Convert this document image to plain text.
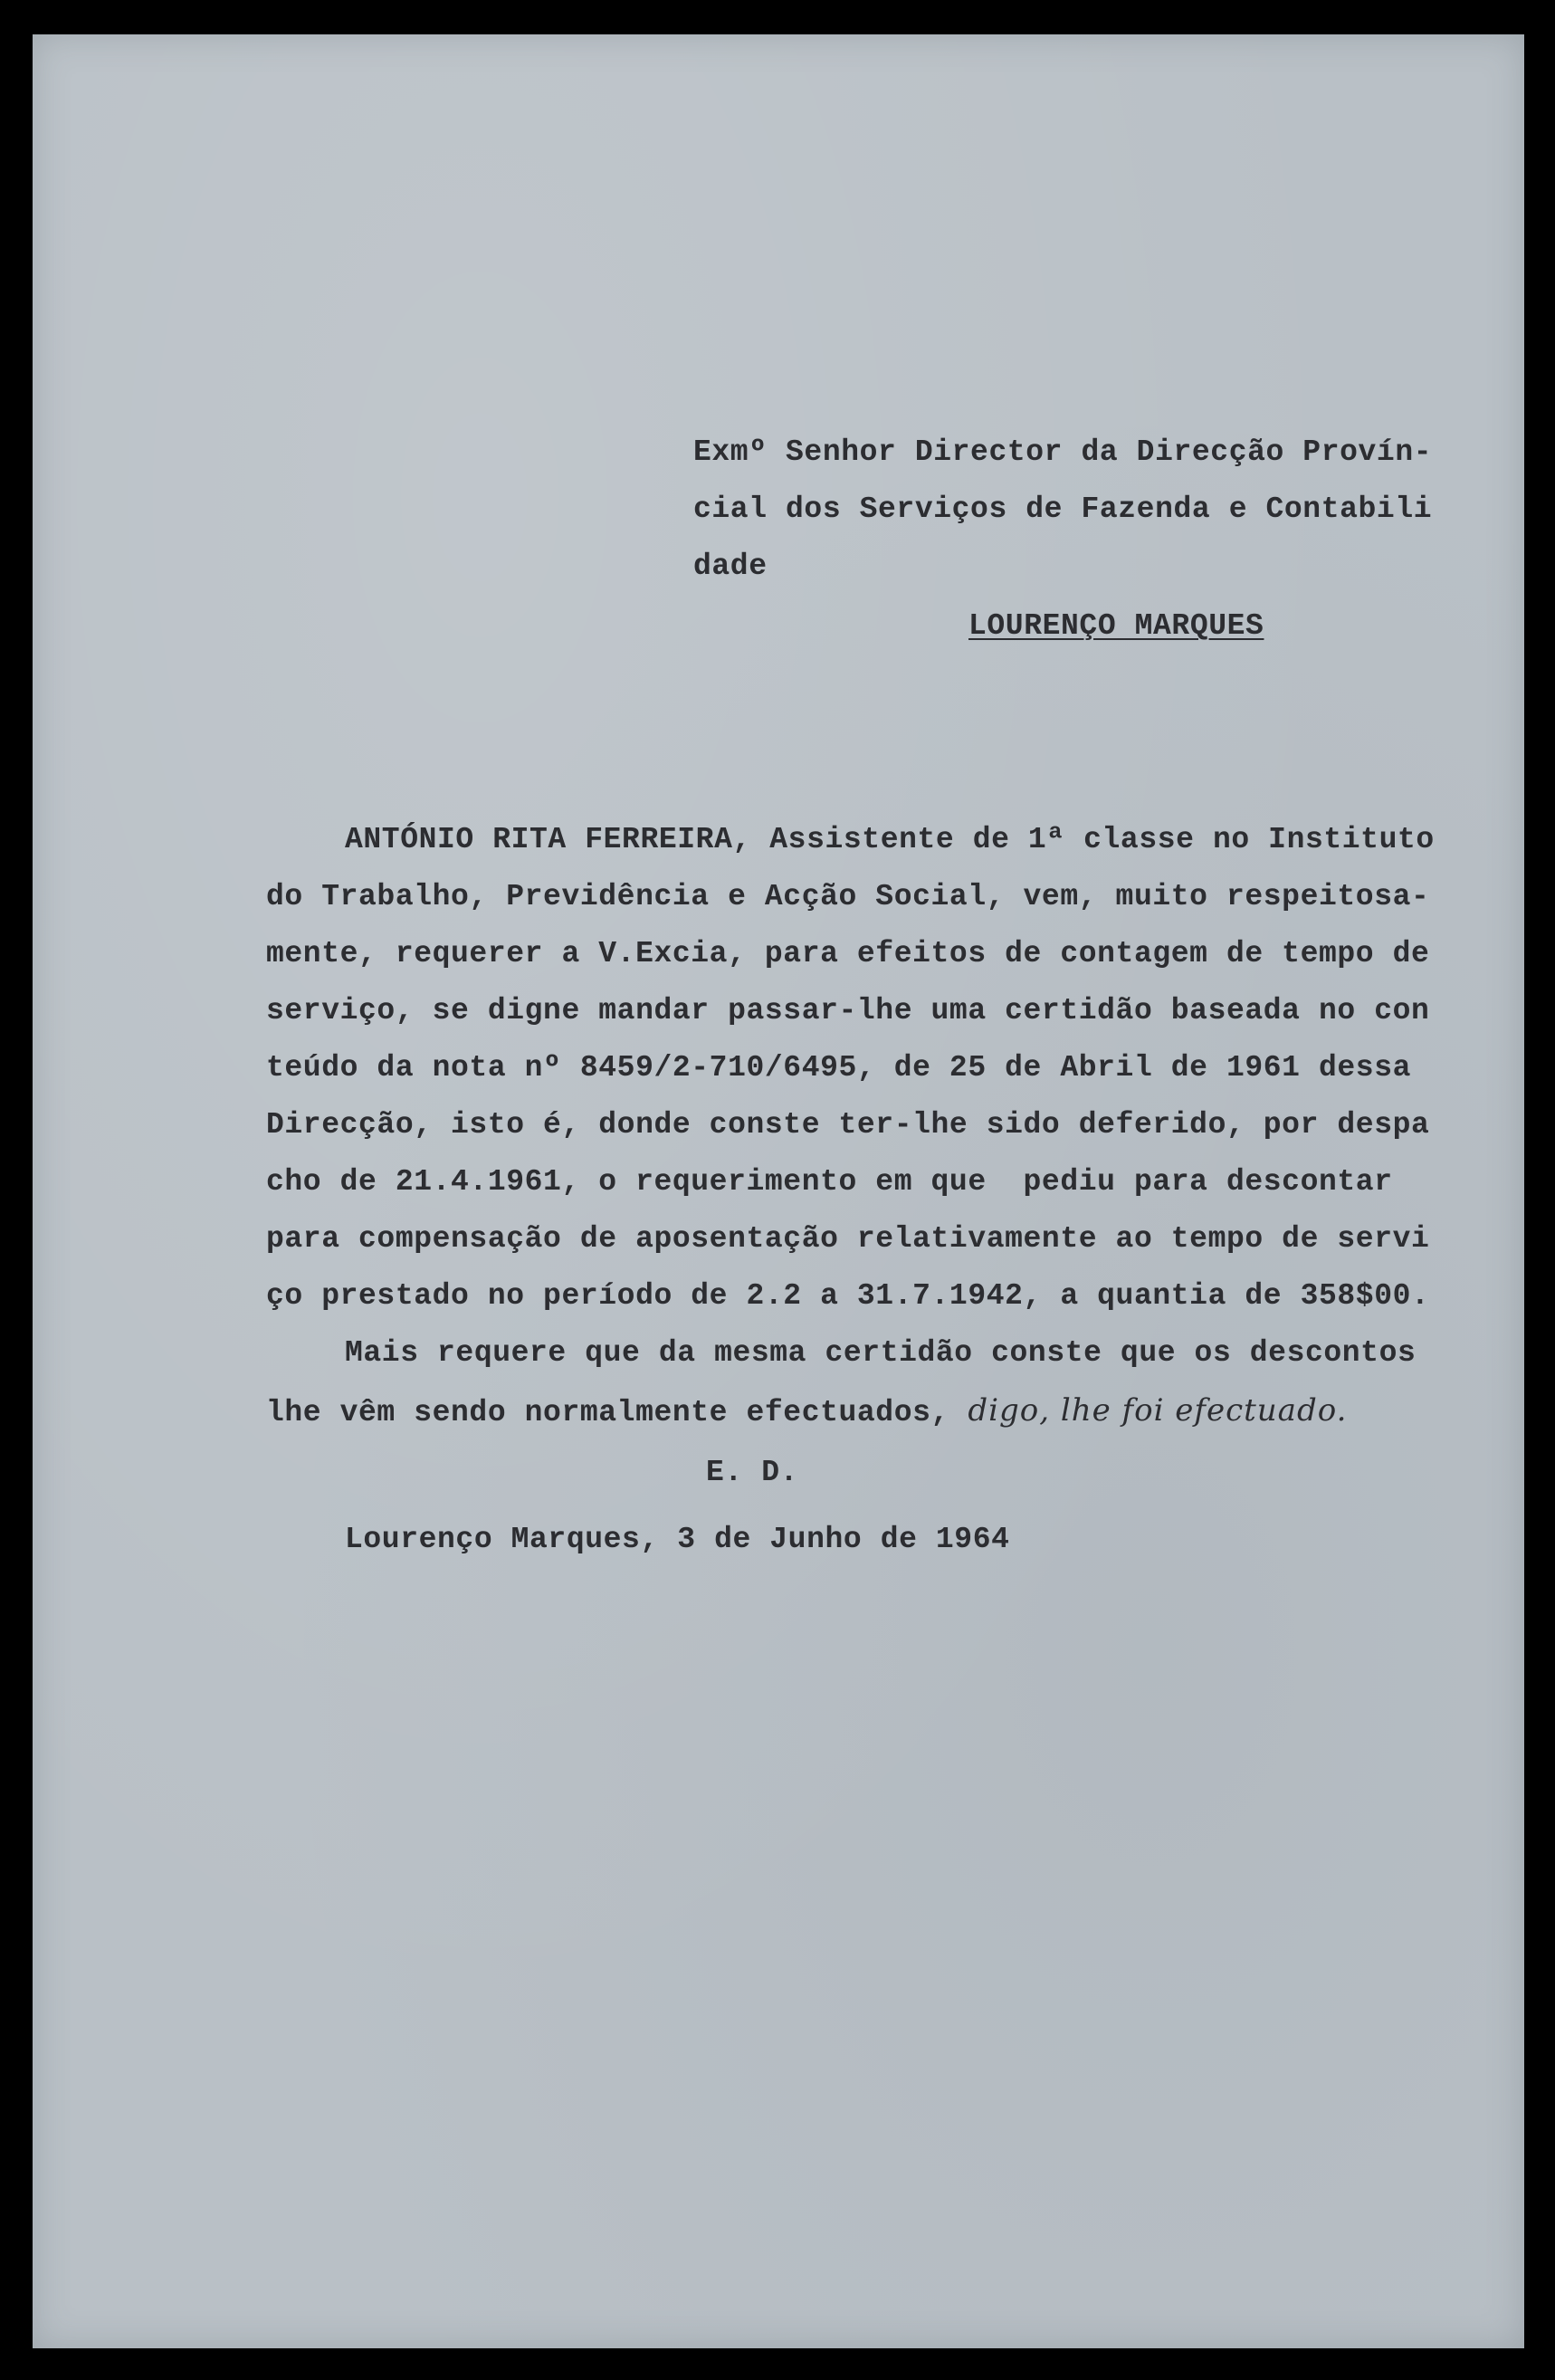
Exmº Senhor Director da Direcção Provín-
cial dos Serviços de Fazenda e Contabili
dade
LOURENÇO MARQUES
ANTÓNIO RITA FERREIRA, Assistente de 1ª classe no Instituto
do Trabalho, Previdência e Acção Social, vem, muito respeitosa-
mente, requerer a V.Excia, para efeitos de contagem de tempo de
serviço, se digne mandar passar-lhe uma certidão baseada no con
teúdo da nota nº 8459/2-710/6495, de 25 de Abril de 1961 dessa
Direcção, isto é, donde conste ter-lhe sido deferido, por despa
cho de 21.4.1961, o requerimento em que  pediu para descontar
para compensação de aposentação relativamente ao tempo de servi
ço prestado no período de 2.2 a 31.7.1942, a quantia de 358$00.
Mais requere que da mesma certidão conste que os descontos
lhe vêm sendo normalmente efectuados, digo, lhe foi efectuado.
E. D.
Lourenço Marques, 3 de Junho de 1964
